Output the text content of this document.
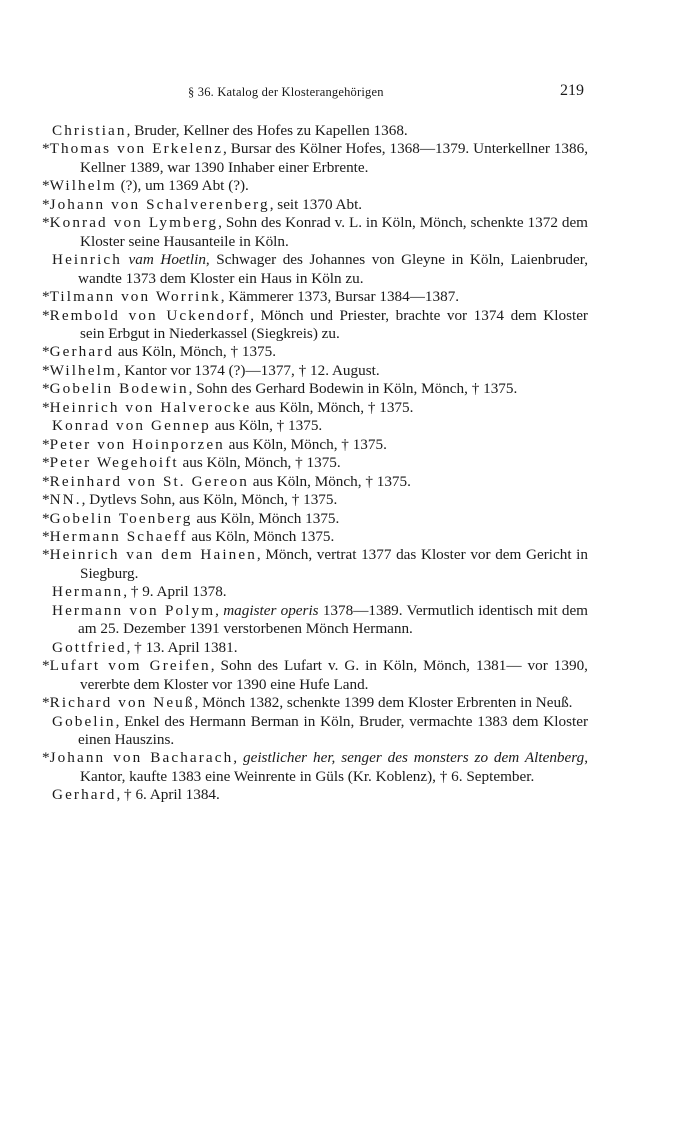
§ 36. Katalog der Klosterangehörigen	219
Christian, Bruder, Kellner des Hofes zu Kapellen 1368.
*Thomas von Erkelenz, Bursar des Kölner Hofes, 1368—1379. Unterkellner 1386, Kellner 1389, war 1390 Inhaber einer Erbrente.
*Wilhelm (?), um 1369 Abt (?).
*Johann von Schalverenberg, seit 1370 Abt.
*Konrad von Lymberg, Sohn des Konrad v. L. in Köln, Mönch, schenkte 1372 dem Kloster seine Hausanteile in Köln.
Heinrich vam Hoetlin, Schwager des Johannes von Gleyne in Köln, Laienbruder, wandte 1373 dem Kloster ein Haus in Köln zu.
*Tilmann von Worrink, Kämmerer 1373, Bursar 1384—1387.
*Rembold von Uckendorf, Mönch und Priester, brachte vor 1374 dem Kloster sein Erbgut in Niederkassel (Siegkreis) zu.
*Gerhard aus Köln, Mönch, † 1375.
*Wilhelm, Kantor vor 1374 (?)—1377, † 12. August.
*Gobelin Bodewin, Sohn des Gerhard Bodewin in Köln, Mönch, † 1375.
*Heinrich von Halverocke aus Köln, Mönch, † 1375.
Konrad von Gennep aus Köln, † 1375.
*Peter von Hoinporzen aus Köln, Mönch, † 1375.
*Peter Wegehoift aus Köln, Mönch, † 1375.
*Reinhard von St. Gereon aus Köln, Mönch, † 1375.
*NN., Dytlevs Sohn, aus Köln, Mönch, † 1375.
*Gobelin Toenberg aus Köln, Mönch 1375.
*Hermann Schaeff aus Köln, Mönch 1375.
*Heinrich van dem Hainen, Mönch, vertrat 1377 das Kloster vor dem Gericht in Siegburg.
Hermann, † 9. April 1378.
Hermann von Polym, magister operis 1378—1389. Vermutlich identisch mit dem am 25. Dezember 1391 verstorbenen Mönch Hermann.
Gottfried, † 13. April 1381.
*Lufart vom Greifen, Sohn des Lufart v. G. in Köln, Mönch, 1381— vor 1390, vererbte dem Kloster vor 1390 eine Hufe Land.
*Richard von Neuß, Mönch 1382, schenkte 1399 dem Kloster Erbrenten in Neuß.
Gobelin, Enkel des Hermann Berman in Köln, Bruder, vermachte 1383 dem Kloster einen Hauszins.
*Johann von Bacharach, geistlicher her, senger des monsters zo dem Altenberg, Kantor, kaufte 1383 eine Weinrente in Güls (Kr. Koblenz), † 6. September.
Gerhard, † 6. April 1384.
